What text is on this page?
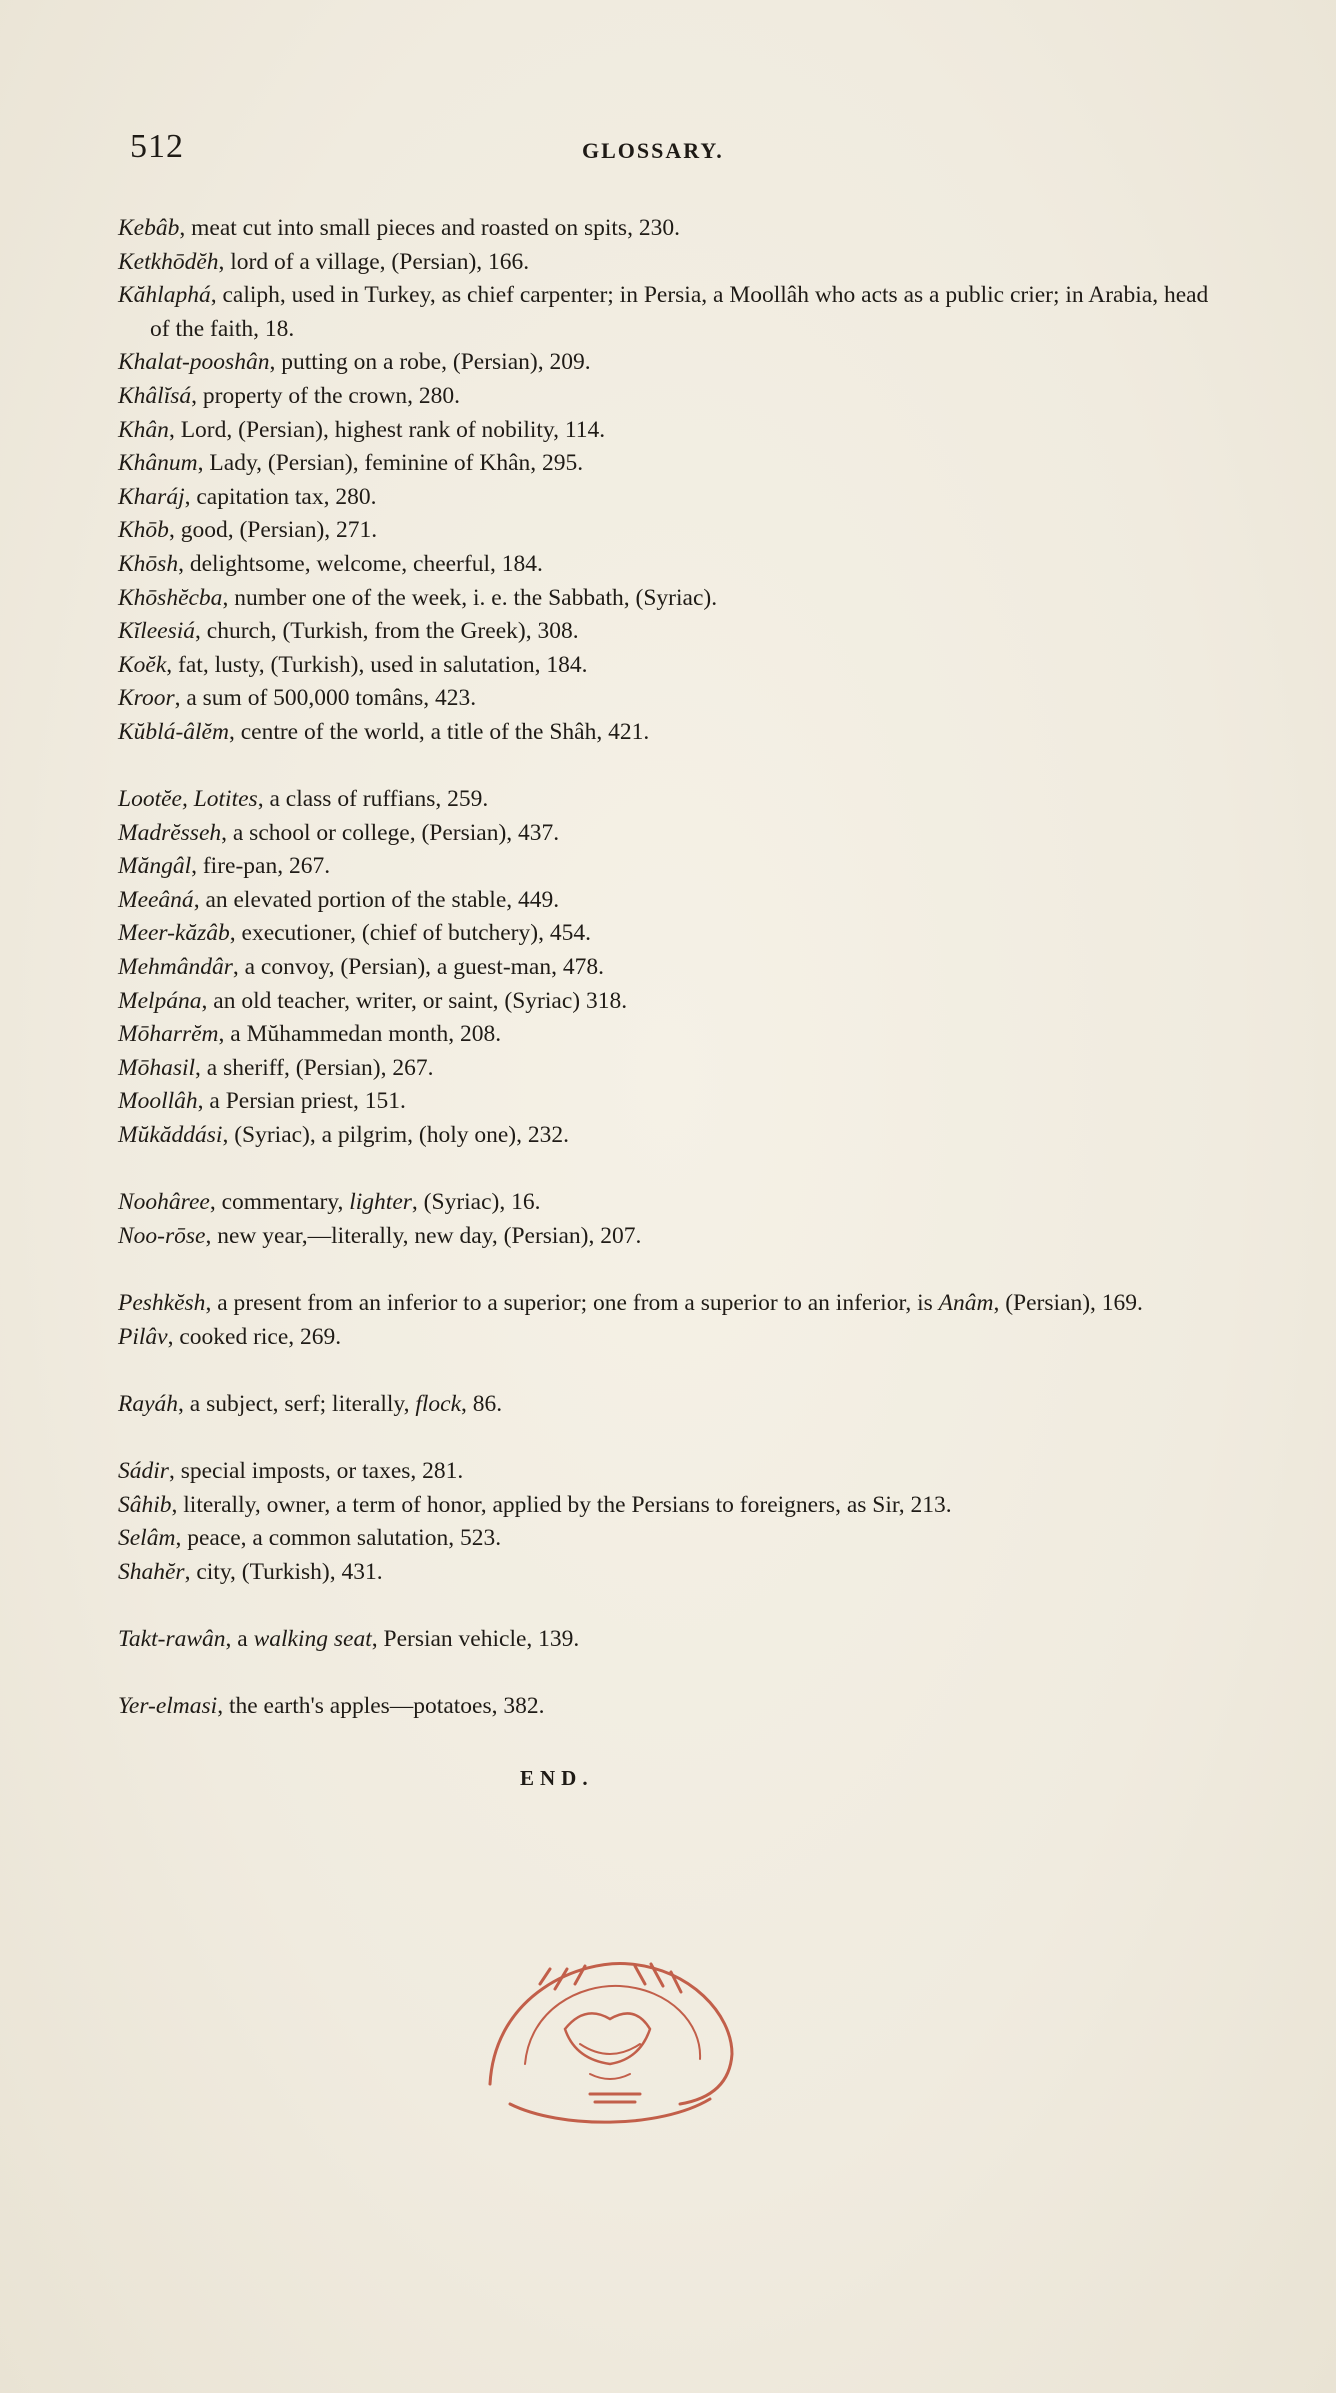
512	GLOSSARY.

Kebâb, meat cut into small pieces and roasted on spits, 230.

Ketkhōdĕh, lord of a village, (Persian), 166.

Kăhlaphá, caliph, used in Turkey, as chief carpenter; in Persia, a Moollâh who acts as a public crier; in Arabia, head of the faith, 18.

Khalat-pooshân, putting on a robe, (Persian), 209.

Khâlĭsá, property of the crown, 280.

Khân, Lord, (Persian), highest rank of nobility, 114.

Khânum, Lady, (Persian), feminine of Khân, 295.

Kharáj, capitation tax, 280.

Khōb, good, (Persian), 271.

Khōsh, delightsome, welcome, cheerful, 184.

Khōshĕcba, number one of the week, i. e. the Sabbath, (Syriac).

Kĭleesiá, church, (Turkish, from the Greek), 308.

Koĕk, fat, lusty, (Turkish), used in salutation, 184.

Kroor, a sum of 500,000 tomâns, 423.

Kŭblá-âlĕm, centre of the world, a title of the Shâh, 421.

Lootĕe, Lotites, a class of ruffians, 259.

Madrĕsseh, a school or college, (Persian), 437.

Măngâl, fire-pan, 267.

Meeâná, an elevated portion of the stable, 449.

Meer-kăzâb, executioner, (chief of butchery), 454.

Mehmândâr, a convoy, (Persian), a guest-man, 478.

Melpána, an old teacher, writer, or saint, (Syriac) 318.

Mōharrĕm, a Mŭhammedan month, 208.

Mōhasil, a sheriff, (Persian), 267.

Moollâh, a Persian priest, 151.

Mŭkăddási, (Syriac), a pilgrim, (holy one), 232.

Noohâree, commentary, lighter, (Syriac), 16.

Noo-rōse, new year,—literally, new day, (Persian), 207.

Peshkĕsh, a present from an inferior to a superior; one from a superior to an inferior, is Anâm, (Persian), 169.

Pilâv, cooked rice, 269.

Rayáh, a subject, serf; literally, flock, 86.

Sádir, special imposts, or taxes, 281.

Sâhib, literally, owner, a term of honor, applied by the Persians to foreigners, as Sir, 213.

Selâm, peace, a common salutation, 523.

Shahĕr, city, (Turkish), 431.

Takt-rawân, a walking seat, Persian vehicle, 139.

Yer-elmasi, the earth's apples—potatoes, 382.

END.
